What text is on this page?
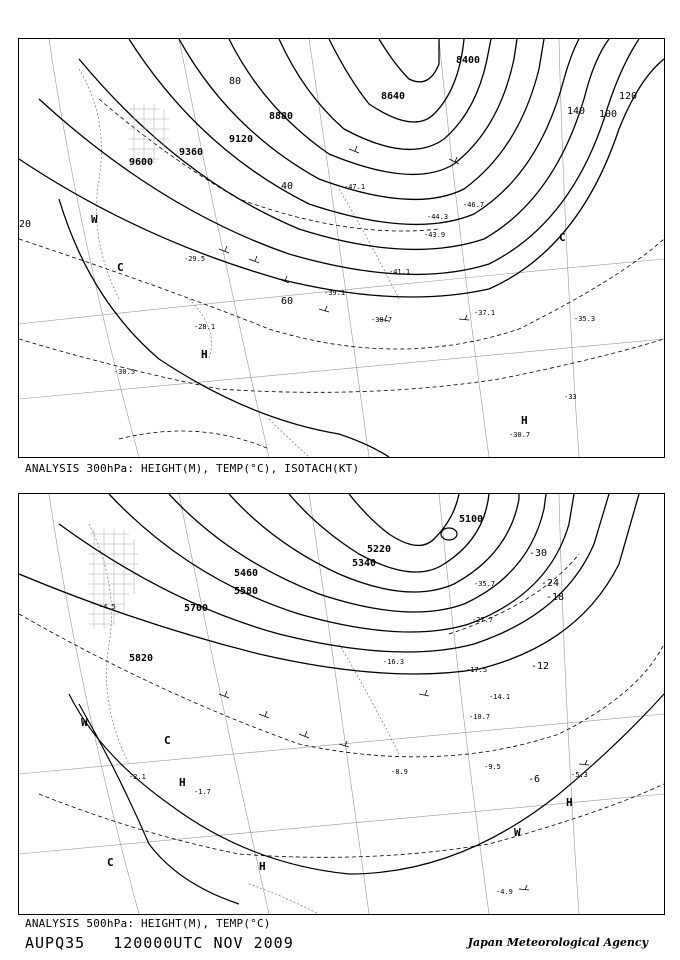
9600
9360
9120
8880
8640
8400
20
40
60
80
100
120
140
-37.1
-35.3
-30.7
-39.1
-38.7
-41.1
-43.9
-47.1
-44.3
-46.7
-29.5
-28.1
-30.5
-33
H
H
C
C
W
ANALYSIS 300hPa: HEIGHT(M), TEMP(°C), ISOTACH(KT)
5100
5220
5340
5460
5580
5700
5820
-12
-18
-24
-30
-6	-5.3
-4.9
-9.5
-17.5
-27.7
-35.7
-16.3
-14.1
-10.7
-8.9
-4.5
-2.1
-1.7
H
H
H
C
C
W
W
ANALYSIS 500hPa: HEIGHT(M), TEMP(°C)
AUPQ35 120000UTC NOV 2009	Japan Meteorological Agency
